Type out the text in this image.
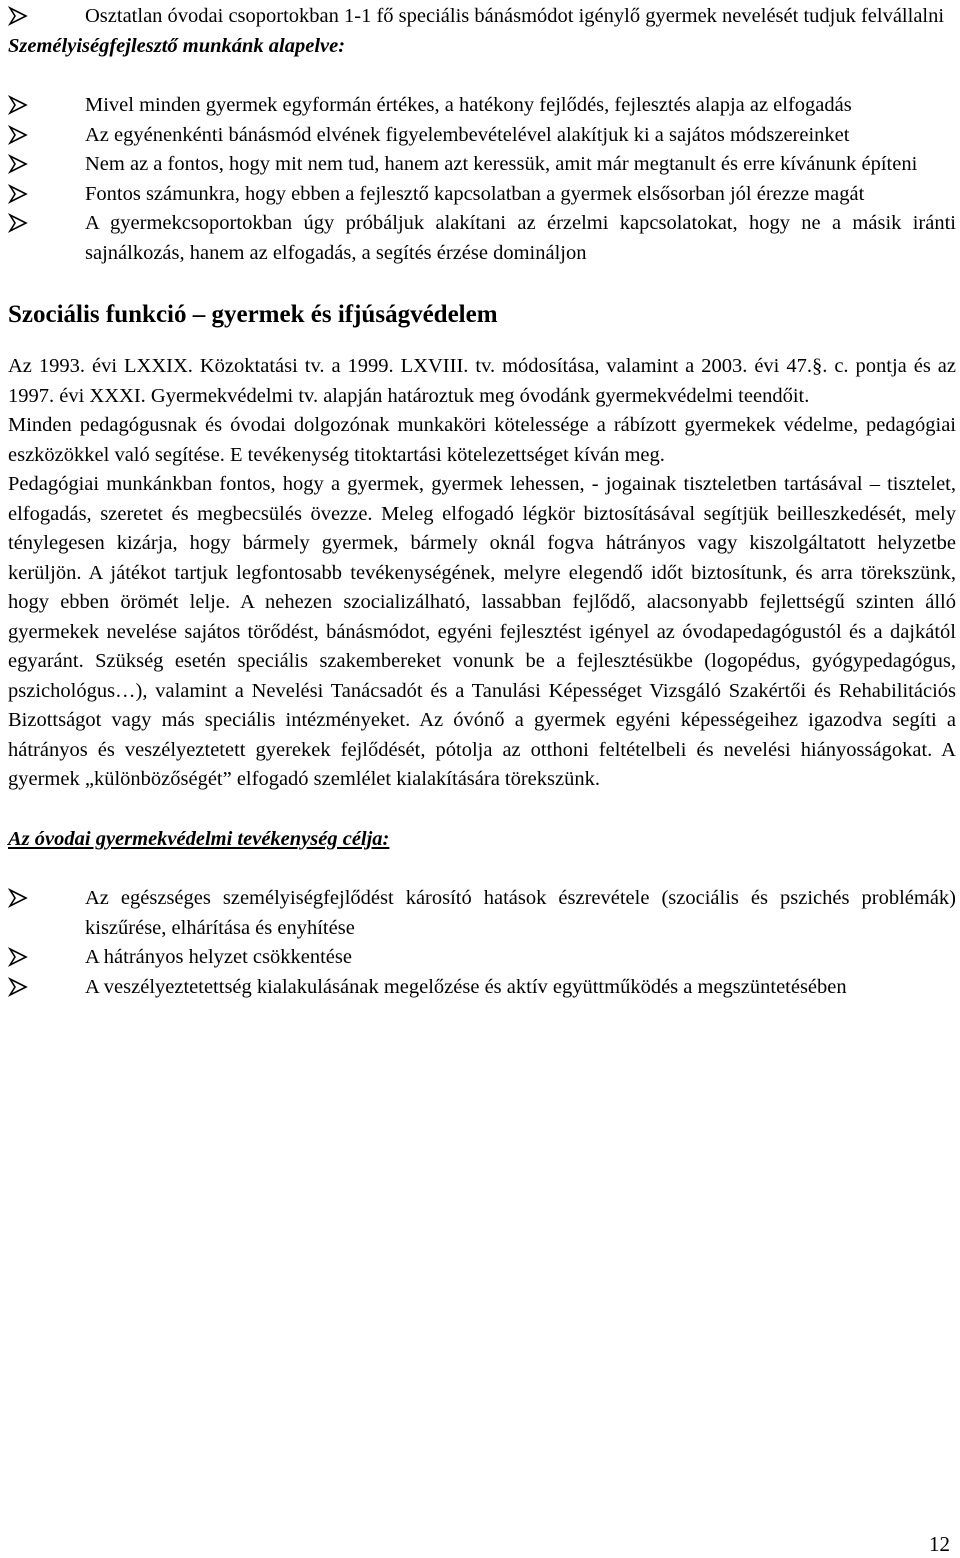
Osztatlan óvodai csoportokban 1-1 fő speciális bánásmódot igénylő gyermek nevelését tudjuk felvállalni
Személyiségfejlesztő munkánk alapelve:
Mivel minden gyermek egyformán értékes, a hatékony fejlődés, fejlesztés alapja az elfogadás
Az egyénenkénti bánásmód elvének figyelembevételével alakítjuk ki a sajátos módszereinket
Nem az a fontos, hogy mit nem tud, hanem azt keressük, amit már megtanult és erre kívánunk építeni
Fontos számunkra, hogy ebben a fejlesztő kapcsolatban a gyermek elsősorban jól érezze magát
A gyermekcsoportokban úgy próbáljuk alakítani az érzelmi kapcsolatokat, hogy ne a másik iránti sajnálkozás, hanem az elfogadás, a segítés érzése domináljon
Szociális funkció – gyermek és ifjúságvédelem

Az 1993. évi LXXIX. Közoktatási tv. a 1999. LXVIII. tv. módosítása, valamint a 2003. évi 47.§. c. pontja és az 1997. évi XXXI. Gyermekvédelmi tv. alapján határoztuk meg óvodánk gyermekvédelmi teendőit.

Minden pedagógusnak és óvodai dolgozónak munkaköri kötelessége a rábízott gyermekek védelme, pedagógiai eszközökkel való segítése. E tevékenység titoktartási kötelezettséget kíván meg.

Pedagógiai munkánkban fontos, hogy a gyermek, gyermek lehessen, - jogainak tiszteletben tartásával – tisztelet, elfogadás, szeretet és megbecsülés övezze. Meleg elfogadó légkör biztosításával segítjük beilleszkedését, mely ténylegesen kizárja, hogy bármely gyermek, bármely oknál fogva hátrányos vagy kiszolgáltatott helyzetbe kerüljön. A játékot tartjuk legfontosabb tevékenységének, melyre elegendő időt biztosítunk, és arra törekszünk, hogy ebben örömét lelje. A nehezen szocializálható, lassabban fejlődő, alacsonyabb fejlettségű szinten álló gyermekek nevelése sajátos törődést, bánásmódot, egyéni fejlesztést igényel az óvodapedagógustól és a dajkától egyaránt. Szükség esetén speciális szakembereket vonunk be a fejlesztésükbe (logopédus, gyógypedagógus, pszichológus…), valamint a Nevelési Tanácsadót és a Tanulási Képességet Vizsgáló Szakértői és Rehabilitációs Bizottságot vagy más speciális intézményeket. Az óvónő a gyermek egyéni képességeihez igazodva segíti a hátrányos és veszélyeztetett gyerekek fejlődését, pótolja az otthoni feltételbeli és nevelési hiányosságokat. A gyermek „különbözőségét” elfogadó szemlélet kialakítására törekszünk.

Az óvodai gyermekvédelmi tevékenység célja:
Az egészséges személyiségfejlődést károsító hatások észrevétele (szociális és pszichés problémák) kiszűrése, elhárítása és enyhítése
A hátrányos helyzet csökkentése
A veszélyeztetettség kialakulásának megelőzése és aktív együttműködés a megszüntetésében
12
